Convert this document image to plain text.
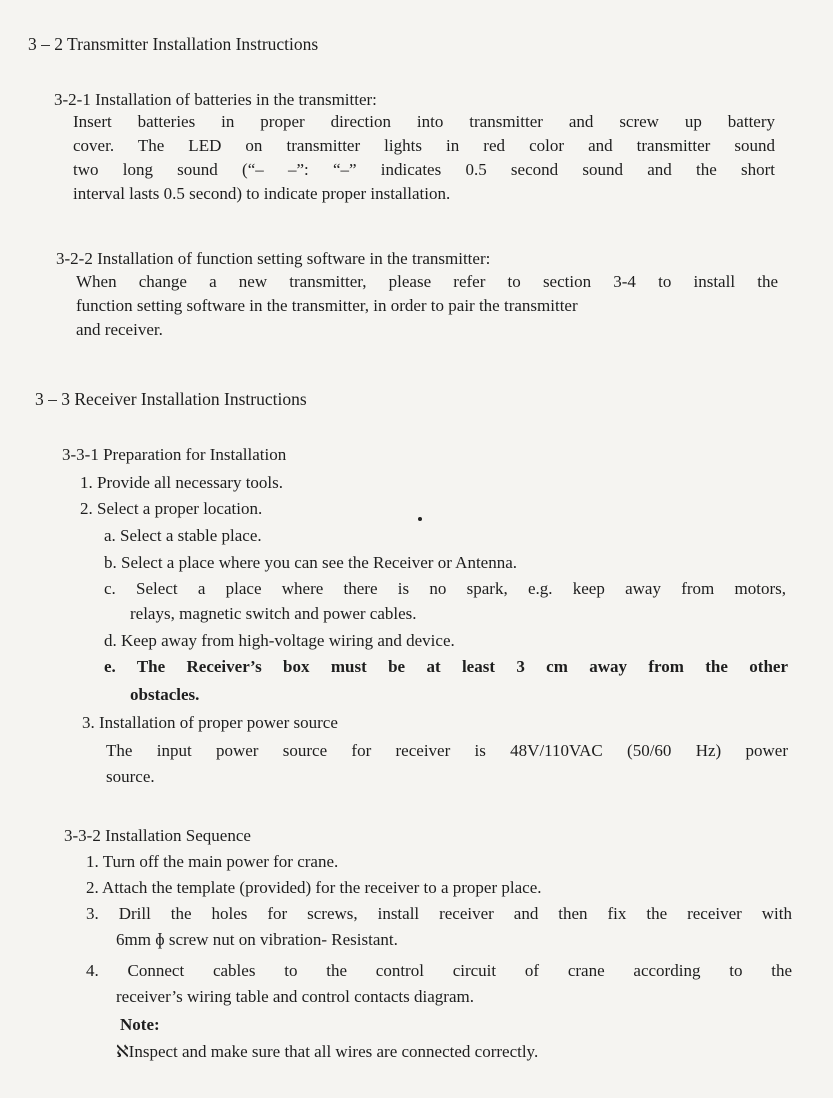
3 – 2 Transmitter Installation Instructions
3-2-1 Installation of batteries in the transmitter:
Insert batteries in proper direction into transmitter and screw up battery
cover. The LED on transmitter lights in red color and transmitter sound
two long sound (“– –”: “–” indicates 0.5 second sound and the short
interval lasts 0.5 second) to indicate proper installation.
3-2-2 Installation of function setting software in the transmitter:
When change a new transmitter, please refer to section 3-4 to install the
function setting software in the transmitter, in order to pair the transmitter
and receiver.
3 – 3 Receiver Installation Instructions
3-3-1 Preparation for Installation
1. Provide all necessary tools.
2. Select a proper location.
a. Select a stable place.
b. Select a place where you can see the Receiver or Antenna.
c. Select a place where there is no spark, e.g. keep away from motors,
relays, magnetic switch and power cables.
d. Keep away from high-voltage wiring and device.
e. The Receiver’s box must be at least 3 cm away from the other
obstacles.
3. Installation of proper power source
The input power source for receiver is 48V/110VAC (50/60 Hz) power
source.
3-3-2 Installation Sequence
1. Turn off the main power for crane.
2. Attach the template (provided) for the receiver to a proper place.
3. Drill the holes for screws, install receiver and then fix the receiver with
6mm ɸ screw nut on vibration- Resistant.
4. Connect cables to the control circuit of crane according to the
receiver’s wiring table and control contacts diagram.
Note:
ℵInspect and make sure that all wires are connected correctly.
